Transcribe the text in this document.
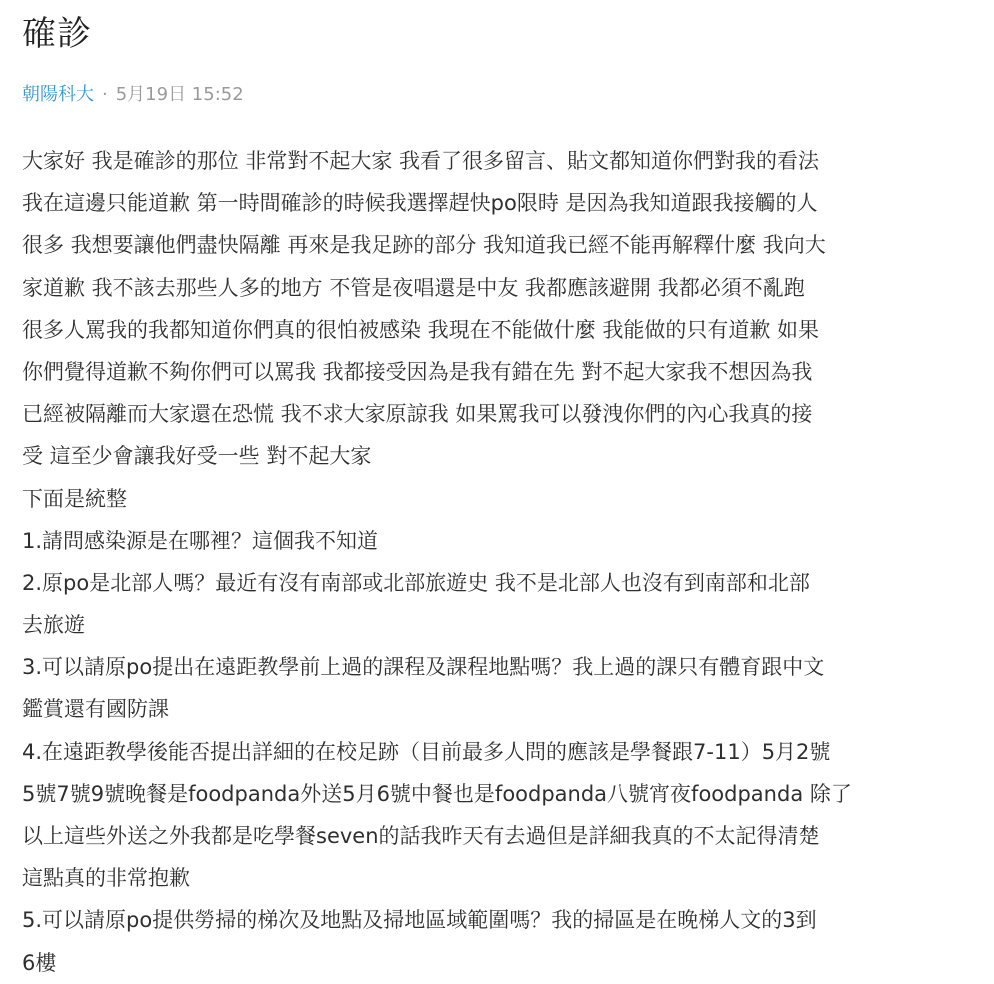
確診
朝陽科大 · 5月19日 15:52
大家好 我是確診的那位 非常對不起大家 我看了很多留言、貼文都知道你們對我的看法
我在這邊只能道歉 第一時間確診的時候我選擇趕快po限時 是因為我知道跟我接觸的人
很多 我想要讓他們盡快隔離 再來是我足跡的部分 我知道我已經不能再解釋什麼 我向大
家道歉 我不該去那些人多的地方 不管是夜唱還是中友 我都應該避開 我都必須不亂跑
很多人罵我的我都知道你們真的很怕被感染 我現在不能做什麼 我能做的只有道歉 如果
你們覺得道歉不夠你們可以罵我 我都接受因為是我有錯在先 對不起大家我不想因為我
已經被隔離而大家還在恐慌 我不求大家原諒我 如果罵我可以發洩你們的內心我真的接
受 這至少會讓我好受一些 對不起大家
下面是統整
1.請問感染源是在哪裡？這個我不知道
2.原po是北部人嗎？最近有沒有南部或北部旅遊史 我不是北部人也沒有到南部和北部
去旅遊
3.可以請原po提出在遠距教學前上過的課程及課程地點嗎？我上過的課只有體育跟中文
鑑賞還有國防課
4.在遠距教學後能否提出詳細的在校足跡（目前最多人問的應該是學餐跟7-11）5月2號
5號7號9號晚餐是foodpanda外送5月6號中餐也是foodpanda八號宵夜foodpanda 除了
以上這些外送之外我都是吃學餐seven的話我昨天有去過但是詳細我真的不太記得清楚
這點真的非常抱歉
5.可以請原po提供勞掃的梯次及地點及掃地區域範圍嗎？我的掃區是在晚梯人文的3到
6樓
